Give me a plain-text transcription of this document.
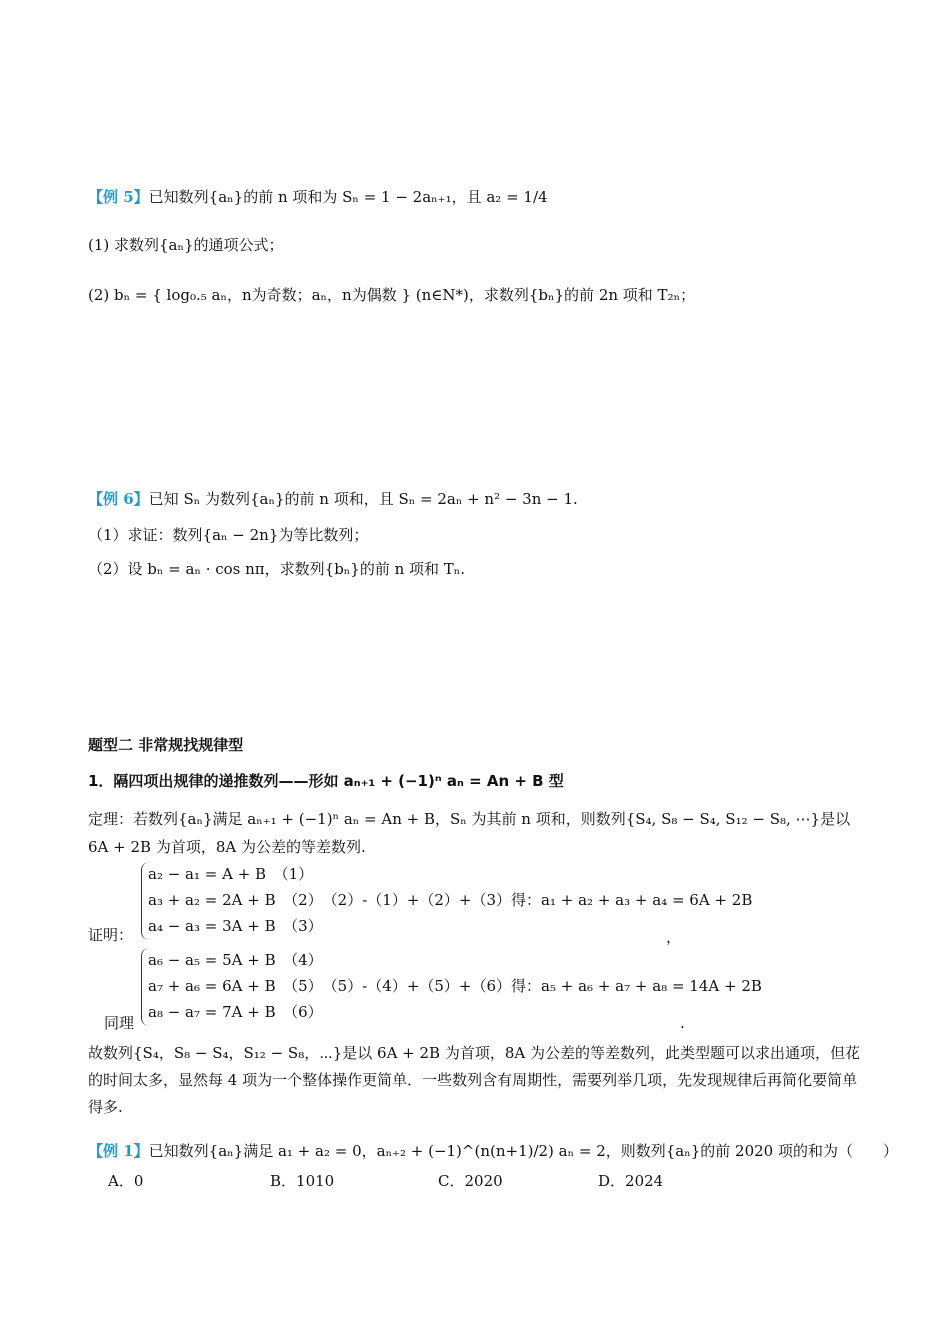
【例 5】已知数列{aₙ}的前 n 项和为 Sₙ = 1 − 2aₙ₊₁，且 a₂ = 1/4
(1) 求数列{aₙ}的通项公式；
(2) bₙ = { log₀.₅ aₙ，n为奇数；aₙ，n为偶数 } (n∈N*)，求数列{bₙ}的前 2n 项和 T₂ₙ；
【例 6】已知 Sₙ 为数列{aₙ}的前 n 项和，且 Sₙ = 2aₙ + n² − 3n − 1.
（1）求证：数列{aₙ − 2n}为等比数列；
（2）设 bₙ = aₙ · cos nπ，求数列{bₙ}的前 n 项和 Tₙ.
题型二 非常规找规律型
1．隔四项出规律的递推数列——形如 aₙ₊₁ + (−1)ⁿ aₙ = An + B 型
定理：若数列{aₙ}满足 aₙ₊₁ + (−1)ⁿ aₙ = An + B，Sₙ 为其前 n 项和，则数列{S₄, S₈ − S₄, S₁₂ − S₈, ⋯}是以
6A + 2B 为首项，8A 为公差的等差数列.
证明：
a₂ − a₁ = A + B　（1）
a₃ + a₂ = 2A + B　（2）　（2）-（1）+（2）+（3）得：a₁ + a₂ + a₃ + a₄ = 6A + 2B
a₄ − a₃ = 3A + B　（3）
，
同理
a₆ − a₅ = 5A + B　（4）
a₇ + a₆ = 6A + B　（5）　（5）-（4）+（5）+（6）得：a₅ + a₆ + a₇ + a₈ = 14A + 2B
a₈ − a₇ = 7A + B　（6）
.
故数列{S₄，S₈ − S₄，S₁₂ − S₈，⋯}是以 6A + 2B 为首项，8A 为公差的等差数列，此类型题可以求出通项，但花的时间太多，显然每 4 项为一个整体操作更简单．一些数列含有周期性，需要列举几项，先发现规律后再简化要简单得多.
【例 1】已知数列{aₙ}满足 a₁ + a₂ = 0，aₙ₊₂ + (−1)^(n(n+1)/2) aₙ = 2，则数列{aₙ}的前 2020 项的和为（　　）
A．0	B．1010	C．2020	D．2024
